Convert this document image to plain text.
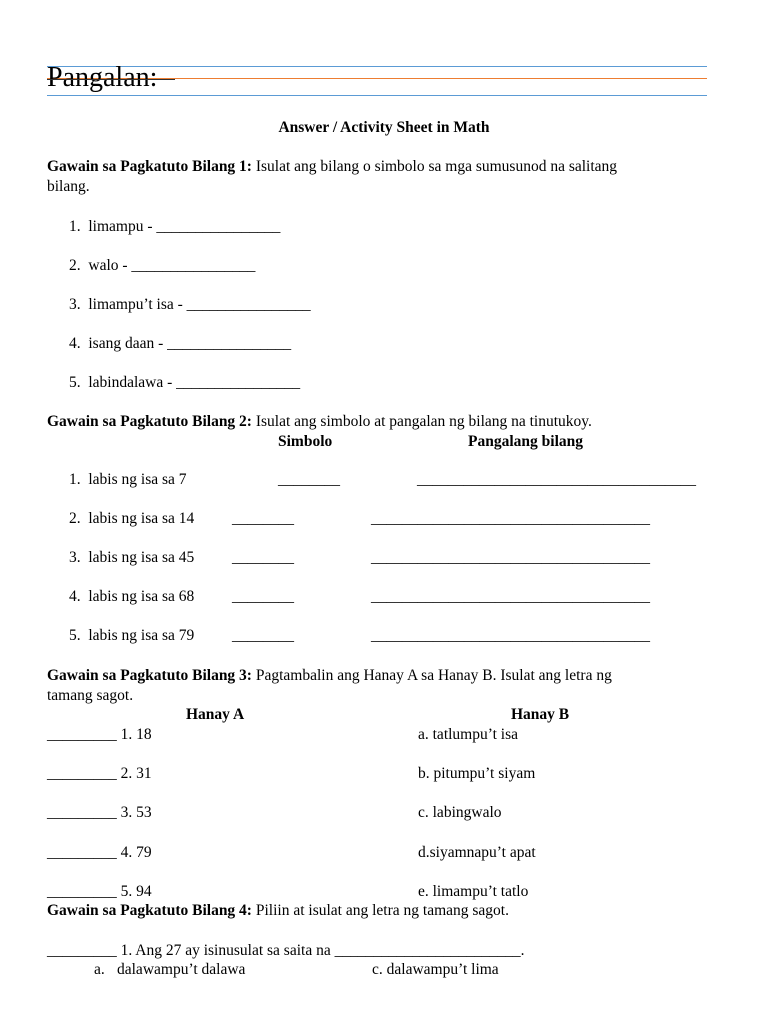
Pangalan:
Answer / Activity Sheet in Math
Gawain sa Pagkatuto Bilang 1: Isulat ang bilang o simbolo sa mga sumusunod na salitang
bilang.
1. limampu - ________________
2. walo - ________________
3. limampu’t isa - ________________
4. isang daan - ________________
5. labindalawa - ________________
Gawain sa Pagkatuto Bilang 2: Isulat ang simbolo at pangalan ng bilang na tinutukoy.
Simbolo	Pangalang bilang
1. labis ng isa sa 7	________	____________________________________
2. labis ng isa sa 14 ________	____________________________________
3. labis ng isa sa 45 ________	____________________________________
4. labis ng isa sa 68 ________	____________________________________
5. labis ng isa sa 79 ________	____________________________________
Gawain sa Pagkatuto Bilang 3: Pagtambalin ang Hanay A sa Hanay B. Isulat ang letra ng
tamang sagot.
Hanay A	Hanay B
_________ 1. 18	a. tatlumpu’t isa
_________ 2. 31	b. pitumpu’t siyam
_________ 3. 53	c. labingwalo
_________ 4. 79	d.siyamnapu’t apat
_________ 5. 94	e. limampu’t tatlo
Gawain sa Pagkatuto Bilang 4: Piliin at isulat ang letra ng tamang sagot.
_________ 1. Ang 27 ay isinusulat sa saita na ________________________.
a. dalawampu’t dalawa	c. dalawampu’t lima
